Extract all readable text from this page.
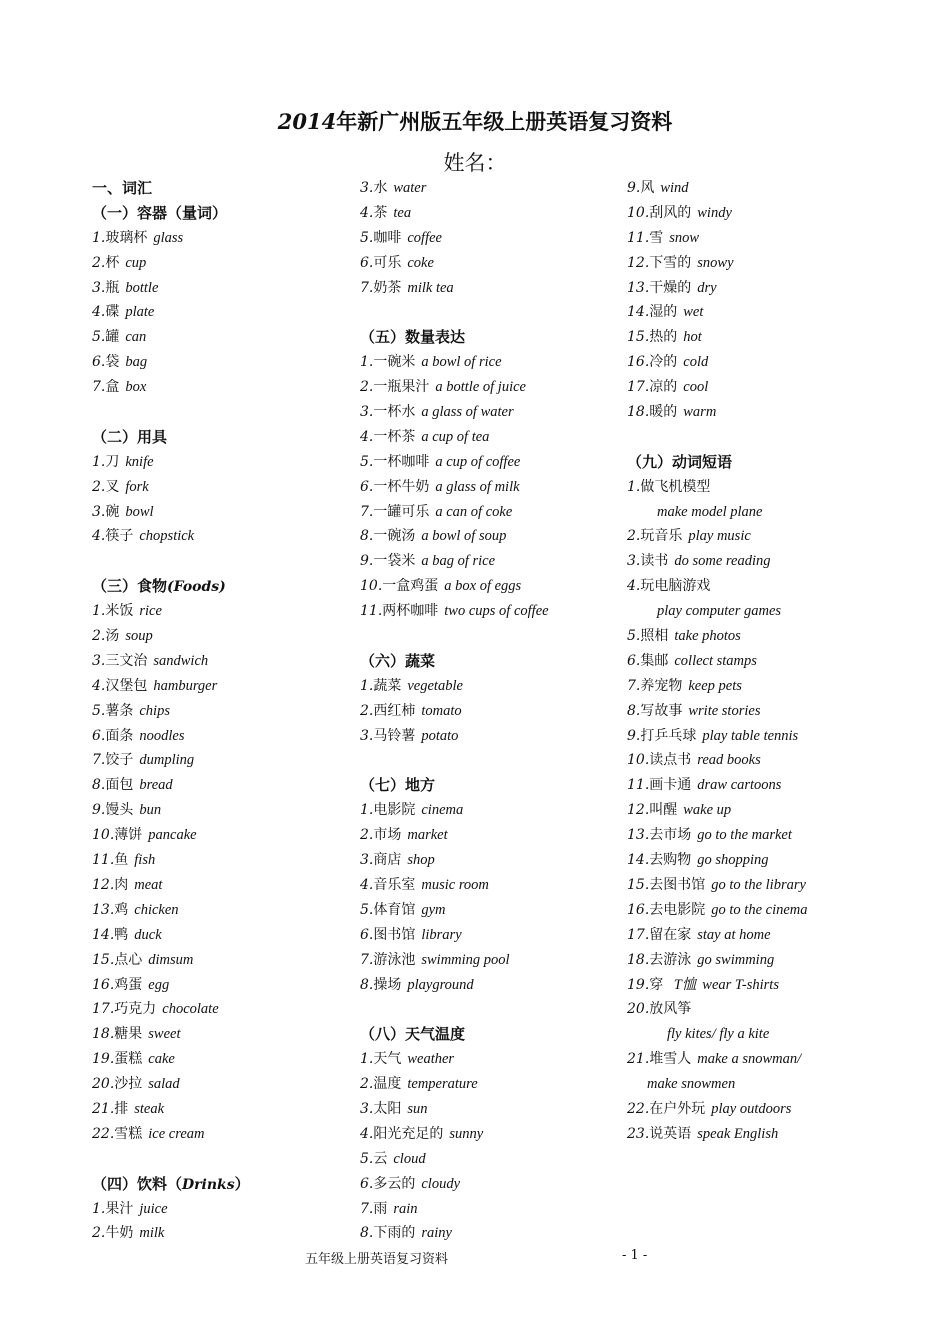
2014年新广州版五年级上册英语复习资料
姓名：
一、词汇
（一）容器（量词）
1.玻璃杯 glass
2.杯 cup
3.瓶 bottle
4.碟 plate
5.罐 can
6.袋 bag
7.盒 box
（二）用具
1.刀 knife
2.叉 fork
3.碗 bowl
4.筷子 chopstick
（三）食物(Foods)
1.米饭 rice
2.汤 soup
3.三文治 sandwich
4.汉堡包 hamburger
5.薯条 chips
6.面条 noodles
7.饺子 dumpling
8.面包 bread
9.馒头 bun
10.薄饼 pancake
11.鱼 fish
12.肉 meat
13.鸡 chicken
14.鸭 duck
15.点心 dimsum
16.鸡蛋 egg
17.巧克力 chocolate
18.糖果 sweet
19.蛋糕 cake
20.沙拉 salad
21.排 steak
22.雪糕 ice cream
（四）饮料（Drinks）
1.果汁 juice
2.牛奶 milk
3.水 water
4.茶 tea
5.咖啡 coffee
6.可乐 coke
7.奶茶 milk tea
（五）数量表达
1.一碗米 a bowl of rice
2.一瓶果汁 a bottle of juice
3.一杯水 a glass of water
4.一杯茶 a cup of tea
5.一杯咖啡 a cup of coffee
6.一杯牛奶 a glass of milk
7.一罐可乐 a can of coke
8.一碗汤 a bowl of soup
9.一袋米 a bag of rice
10.一盒鸡蛋 a box of eggs
11.两杯咖啡 two cups of coffee
（六）蔬菜
1.蔬菜 vegetable
2.西红柿 tomato
3.马铃薯 potato
（七）地方
1.电影院 cinema
2.市场 market
3.商店 shop
4.音乐室 music room
5.体育馆 gym
6.图书馆 library
7.游泳池 swimming pool
8.操场 playground
（八）天气温度
1.天气 weather
2.温度 temperature
3.太阳 sun
4.阳光充足的 sunny
5.云 cloud
6.多云的 cloudy
7.雨 rain
8.下雨的 rainy
9.风 wind
10.刮风的 windy
11.雪 snow
12.下雪的 snowy
13.干燥的 dry
14.湿的 wet
15.热的 hot
16.冷的 cold
17.凉的 cool
18.暖的 warm
（九）动词短语
1.做飞机模型
make model plane
2.玩音乐 play music
3.读书 do some reading
4.玩电脑游戏
play computer games
5.照相 take photos
6.集邮 collect stamps
7.养宠物 keep pets
8.写故事 write stories
9.打乒乓球 play table tennis
10.读点书 read books
11.画卡通 draw cartoons
12.叫醒 wake up
13.去市场 go to the market
14.去购物 go shopping
15.去图书馆 go to the library
16.去电影院 go to the cinema
17.留在家 stay at home
18.去游泳 go swimming
19.穿 T恤 wear T-shirts
20.放风筝
fly kites/ fly a kite
21.堆雪人 make a snowman/
make snowmen
22.在户外玩 play outdoors
23.说英语 speak English
五年级上册英语复习资料	- 1 -
